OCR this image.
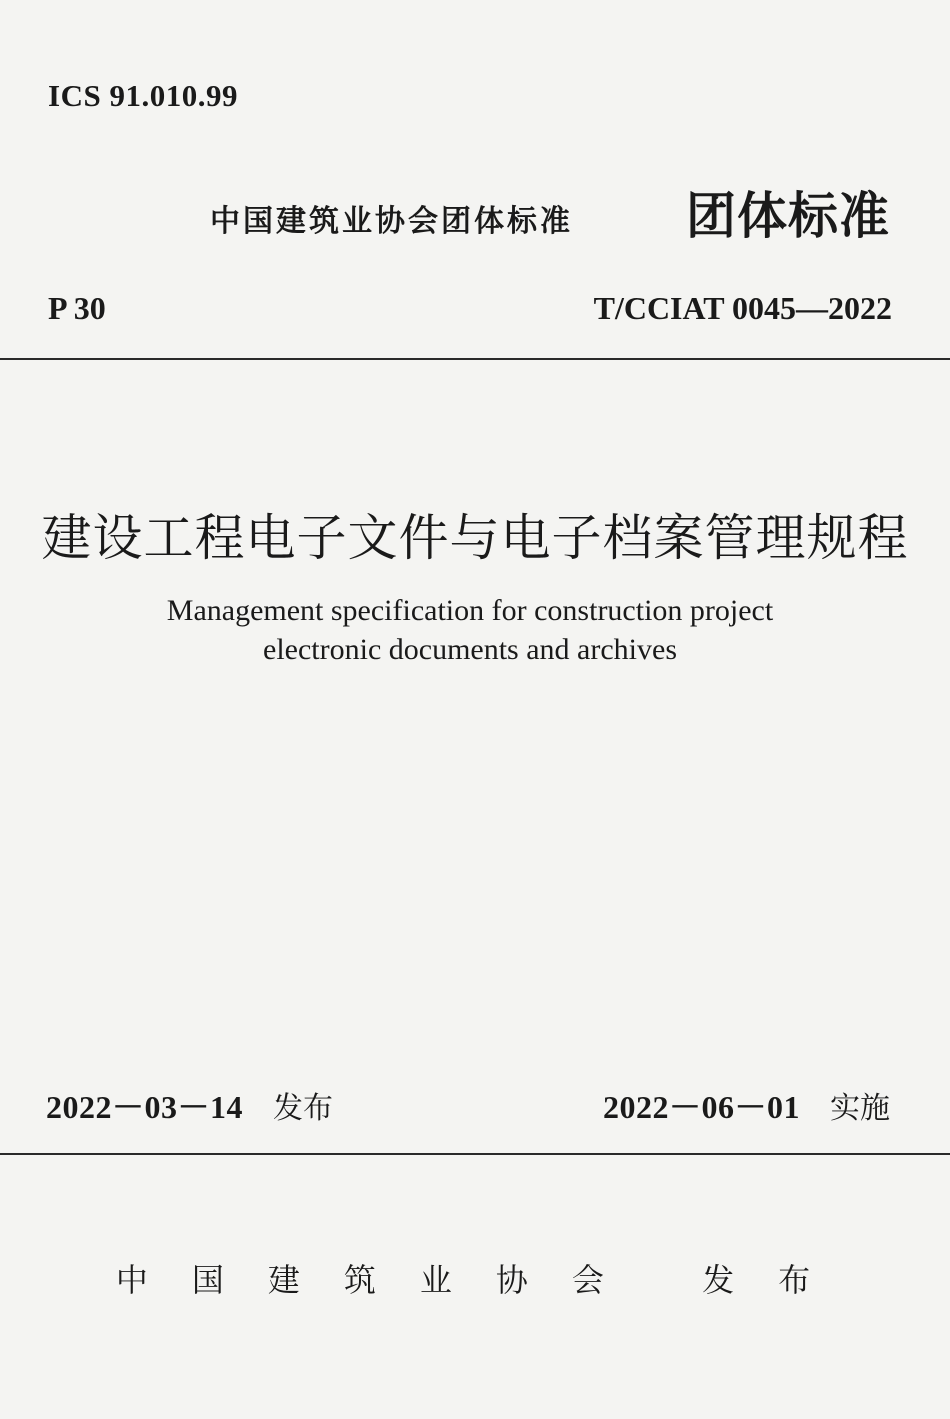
ICS 91.010.99
中国建筑业协会团体标准 团体标准
P 30	T/CCIAT 0045—2022
建设工程电子文件与电子档案管理规程
Management specification for construction project
electronic documents and archives
2022－03－14 发布	2022－06－01 实施
中国建筑业协会 发布
